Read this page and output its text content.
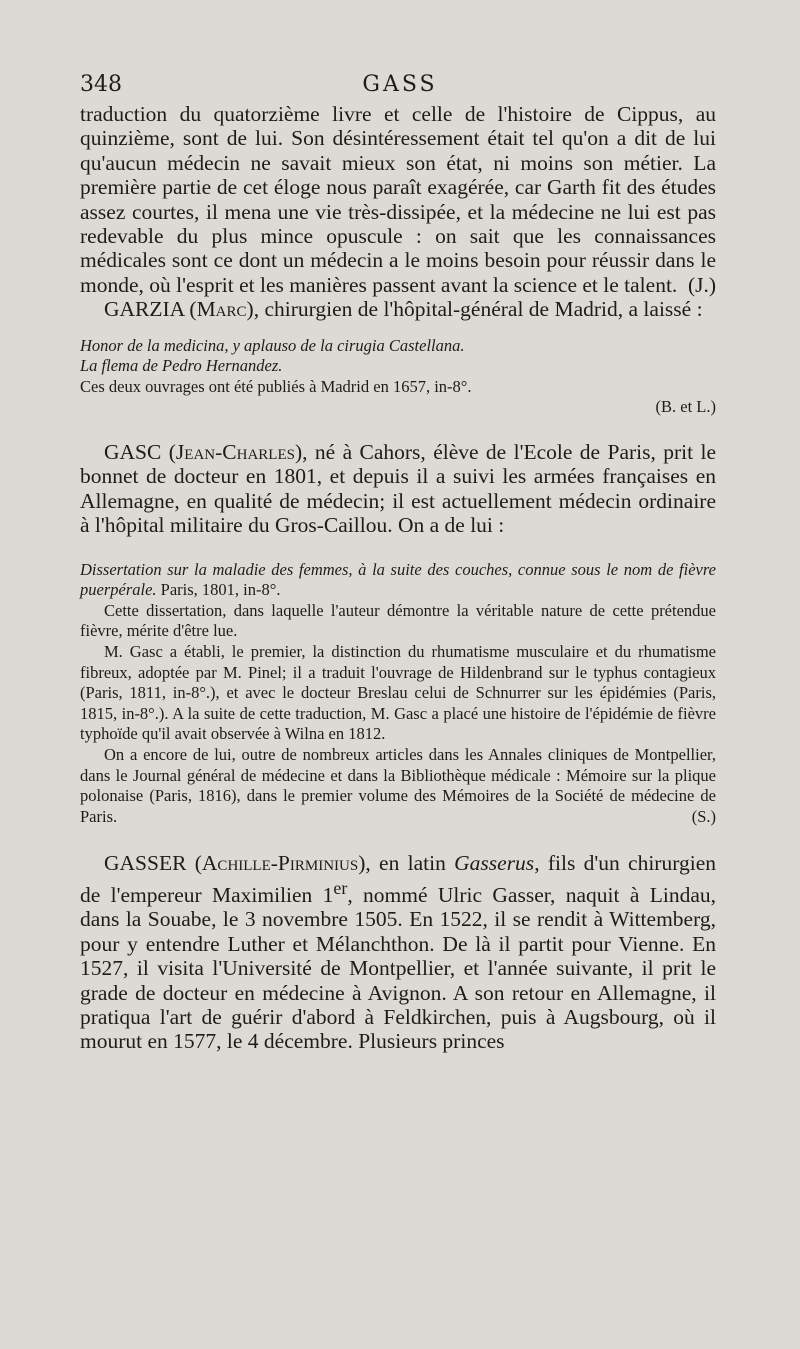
348	GASS

traduction du quatorzième livre et celle de l'histoire de Cippus, au quinzième, sont de lui. Son désintéressement était tel qu'on a dit de lui qu'aucun médecin ne savait mieux son état, ni moins son métier. La première partie de cet éloge nous paraît exagérée, car Garth fit des études assez courtes, il mena une vie très-dissipée, et la médecine ne lui est pas redevable du plus mince opuscule : on sait que les connaissances médicales sont ce dont un médecin a le moins besoin pour réussir dans le monde, où l'esprit et les manières passent avant la science et le talent. (J.)

GARZIA (Marc), chirurgien de l'hôpital-général de Madrid, a laissé :

Honor de la medicina, y aplauso de la cirugia Castellana.

La flema de Pedro Hernandez.

Ces deux ouvrages ont été publiés à Madrid en 1657, in-8°.

(B. et L.)

GASC (Jean-Charles), né à Cahors, élève de l'Ecole de Paris, prit le bonnet de docteur en 1801, et depuis il a suivi les armées françaises en Allemagne, en qualité de médecin; il est actuellement médecin ordinaire à l'hôpital militaire du Gros-Caillou. On a de lui :

Dissertation sur la maladie des femmes, à la suite des couches, connue sous le nom de fièvre puerpérale. Paris, 1801, in-8°.

Cette dissertation, dans laquelle l'auteur démontre la véritable nature de cette prétendue fièvre, mérite d'être lue.

M. Gasc a établi, le premier, la distinction du rhumatisme musculaire et du rhumatisme fibreux, adoptée par M. Pinel; il a traduit l'ouvrage de Hildenbrand sur le typhus contagieux (Paris, 1811, in-8°.), et avec le docteur Breslau celui de Schnurrer sur les épidémies (Paris, 1815, in-8°.). A la suite de cette traduction, M. Gasc a placé une histoire de l'épidémie de fièvre typhoïde qu'il avait observée à Wilna en 1812.

On a encore de lui, outre de nombreux articles dans les Annales cliniques de Montpellier, dans le Journal général de médecine et dans la Bibliothèque médicale : Mémoire sur la plique polonaise (Paris, 1816), dans le premier volume des Mémoires de la Société de médecine de Paris.	(S.)

GASSER (Achille-Pirminius), en latin Gasserus, fils d'un chirurgien de l'empereur Maximilien 1er, nommé Ulric Gasser, naquit à Lindau, dans la Souabe, le 3 novembre 1505. En 1522, il se rendit à Wittemberg, pour y entendre Luther et Mélanchthon. De là il partit pour Vienne. En 1527, il visita l'Université de Montpellier, et l'année suivante, il prit le grade de docteur en médecine à Avignon. A son retour en Allemagne, il pratiqua l'art de guérir d'abord à Feldkirchen, puis à Augsbourg, où il mourut en 1577, le 4 décembre. Plusieurs princes
